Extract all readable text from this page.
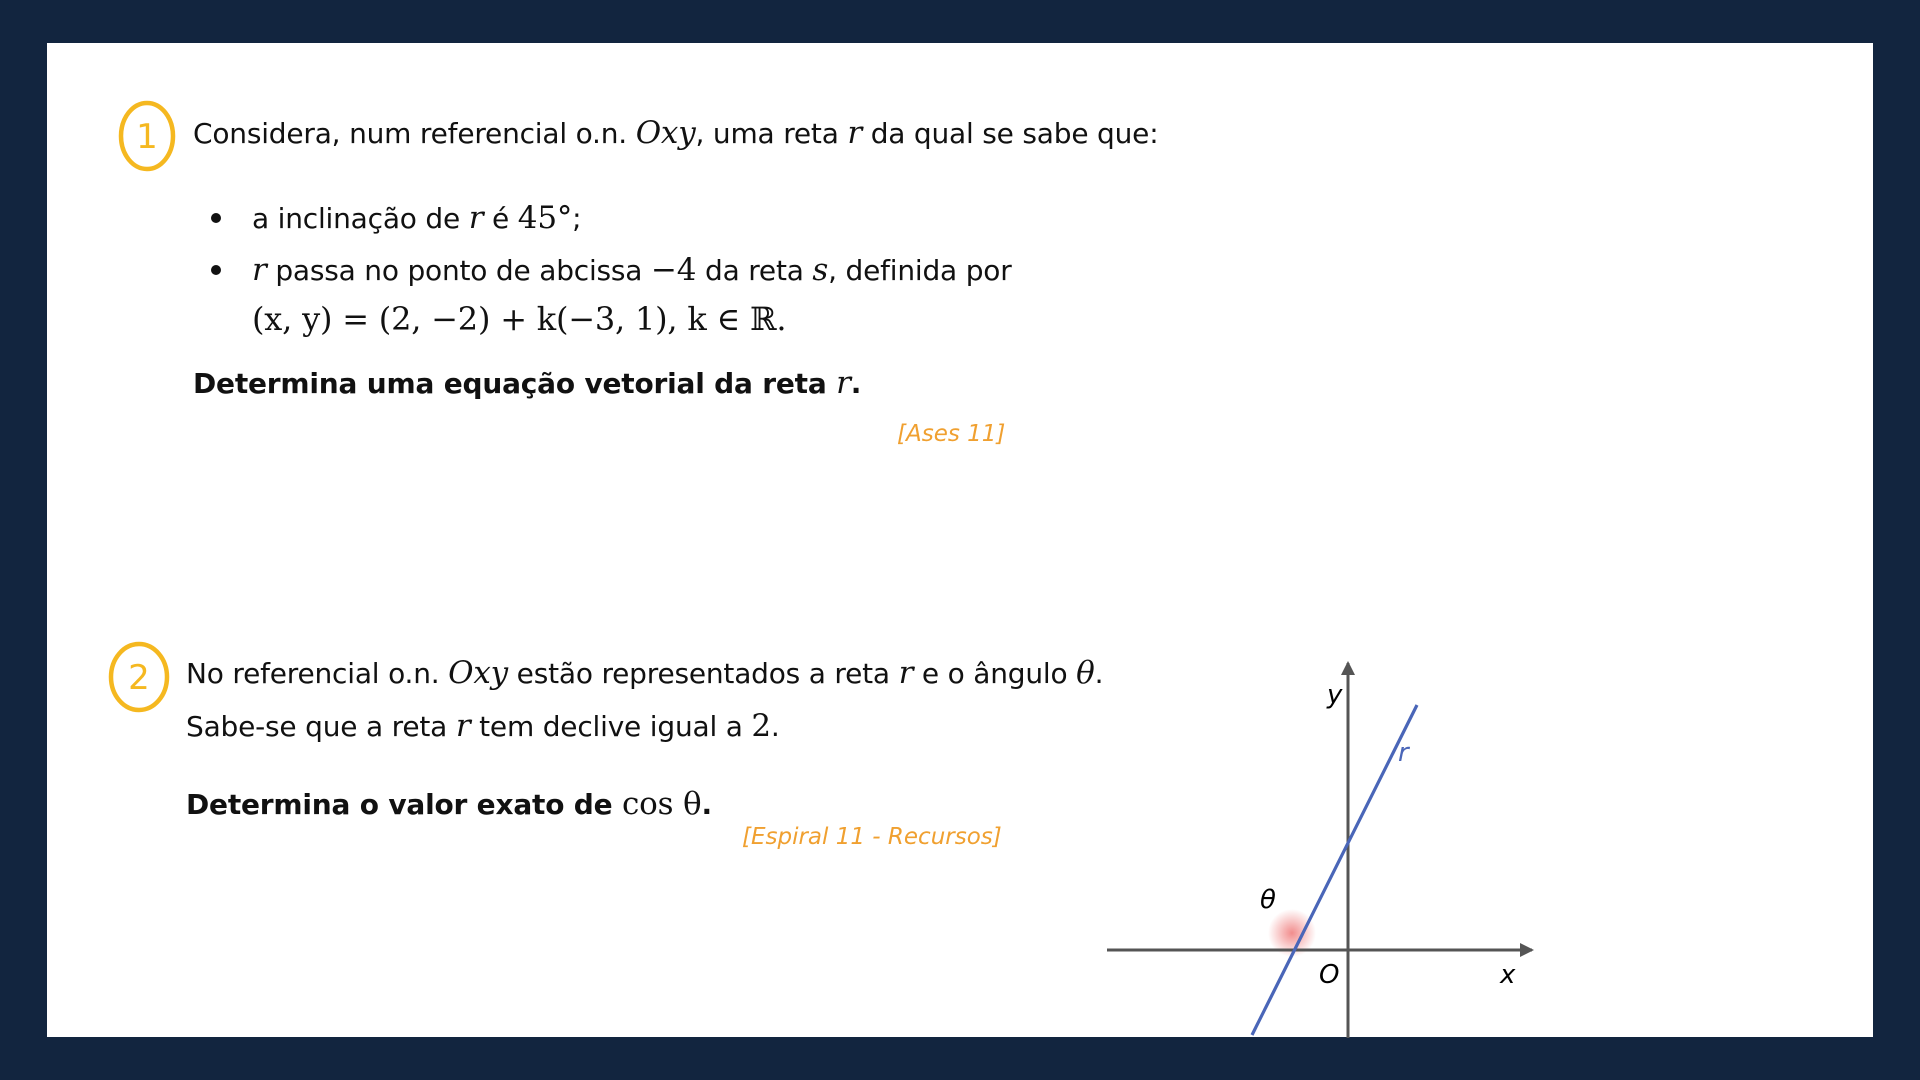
1 Considera, num referencial o.n. Oxy, uma reta r da qual se sabe que:
a inclinação de r é 45°;
r passa no ponto de abcissa −4 da reta s, definida por
(x, y) = (2, −2) + k(−3, 1), k ∈ ℝ.
Determina uma equação vetorial da reta r.
[Ases 11]
2 No referencial o.n. Oxy estão representados a reta r e o ângulo θ.
Sabe-se que a reta r tem declive igual a 2.
Determina o valor exato de cos θ.
[Espiral 11 - Recursos]
y
x
O
r
θ
